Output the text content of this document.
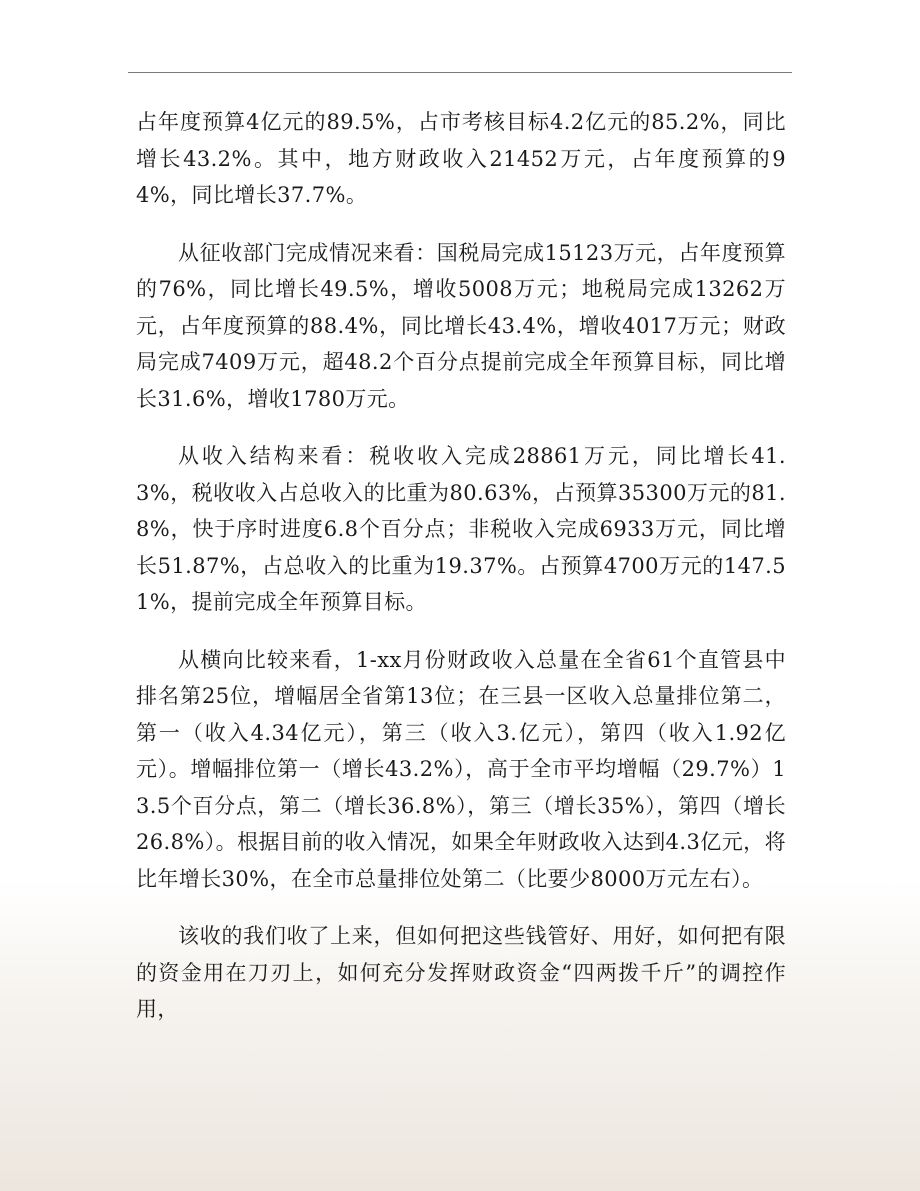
占年度预算4亿元的89.5%，占市考核目标4.2亿元的85.2%，同比增长43.2%。其中，地方财政收入21452万元，占年度预算的94%，同比增长37.7%。

从征收部门完成情况来看：国税局完成15123万元，占年度预算的76%，同比增长49.5%，增收5008万元；地税局完成13262万元，占年度预算的88.4%，同比增长43.4%，增收4017万元；财政局完成7409万元，超48.2个百分点提前完成全年预算目标，同比增长31.6%，增收1780万元。

从收入结构来看：税收收入完成28861万元，同比增长41.3%，税收收入占总收入的比重为80.63%，占预算35300万元的81.8%，快于序时进度6.8个百分点；非税收入完成6933万元，同比增长51.87%，占总收入的比重为19.37%。占预算4700万元的147.51%，提前完成全年预算目标。

从横向比较来看，1-xx月份财政收入总量在全省61个直管县中排名第25位，增幅居全省第13位；在三县一区收入总量排位第二，第一（收入4.34亿元），第三（收入3.亿元），第四（收入1.92亿元）。增幅排位第一（增长43.2%），高于全市平均增幅（29.7%）13.5个百分点，第二（增长36.8%），第三（增长35%），第四（增长26.8%）。根据目前的收入情况，如果全年财政收入达到4.3亿元，将比年增长30%，在全市总量排位处第二（比要少8000万元左右）。

该收的我们收了上来，但如何把这些钱管好、用好，如何把有限的资金用在刀刃上，如何充分发挥财政资金“四两拨千斤”的调控作用，
